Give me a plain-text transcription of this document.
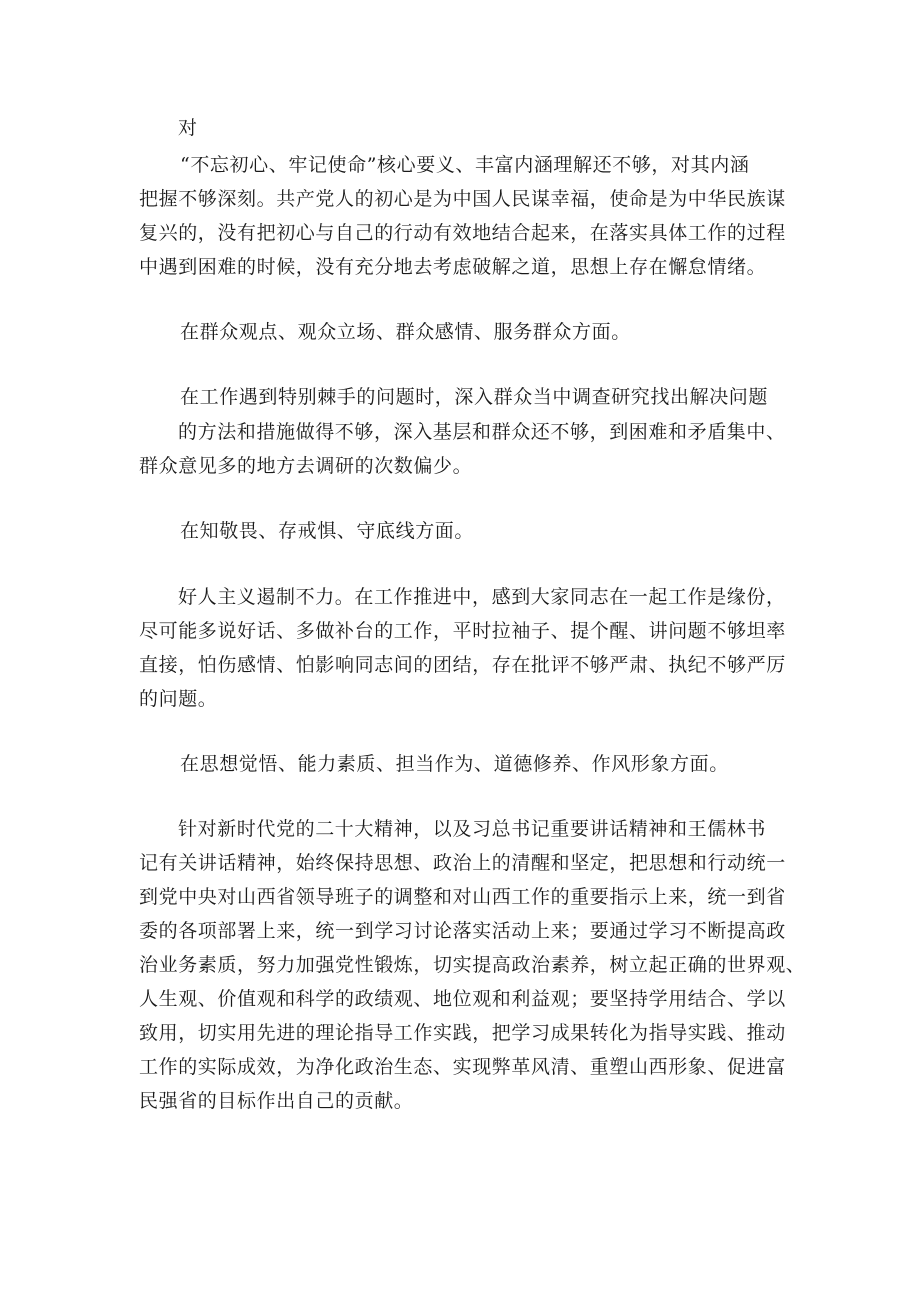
对

“不忘初心、牢记使命”核心要义、丰富内涵理解还不够，对其内涵

把握不够深刻。共产党人的初心是为中国人民谋幸福，使命是为中华民族谋

复兴的，没有把初心与自己的行动有效地结合起来，在落实具体工作的过程

中遇到困难的时候，没有充分地去考虑破解之道，思想上存在懈怠情绪。

在群众观点、观众立场、群众感情、服务群众方面。

在工作遇到特别棘手的问题时，深入群众当中调查研究找出解决问题

的方法和措施做得不够，深入基层和群众还不够，到困难和矛盾集中、

群众意见多的地方去调研的次数偏少。

在知敬畏、存戒惧、守底线方面。

好人主义遏制不力。在工作推进中，感到大家同志在一起工作是缘份，

尽可能多说好话、多做补台的工作，平时拉袖子、提个醒、讲问题不够坦率

直接，怕伤感情、怕影响同志间的团结，存在批评不够严肃、执纪不够严厉

的问题。

在思想觉悟、能力素质、担当作为、道德修养、作风形象方面。

针对新时代党的二十大精神，以及习总书记重要讲话精神和王儒林书

记有关讲话精神，始终保持思想、政治上的清醒和坚定，把思想和行动统一

到党中央对山西省领导班子的调整和对山西工作的重要指示上来，统一到省

委的各项部署上来，统一到学习讨论落实活动上来；要通过学习不断提高政

治业务素质，努力加强党性锻炼，切实提高政治素养，树立起正确的世界观、

人生观、价值观和科学的政绩观、地位观和利益观；要坚持学用结合、学以

致用，切实用先进的理论指导工作实践，把学习成果转化为指导实践、推动

工作的实际成效，为净化政治生态、实现弊革风清、重塑山西形象、促进富

民强省的目标作出自己的贡献。
